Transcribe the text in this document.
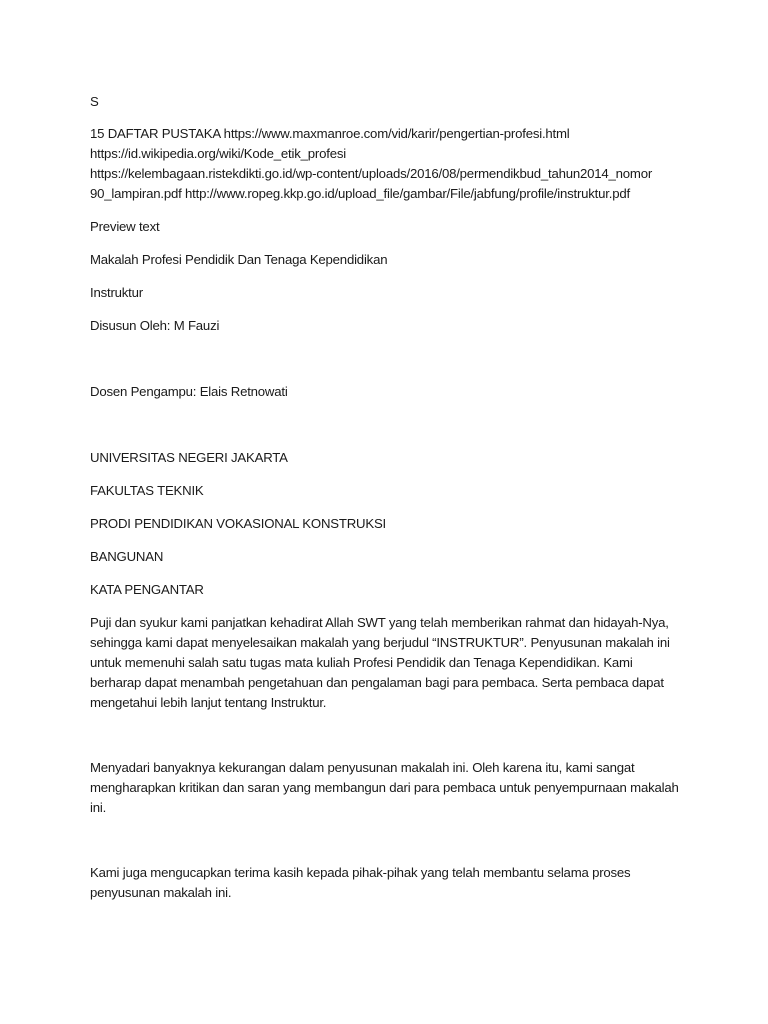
S
15 DAFTAR PUSTAKA https://www.maxmanroe.com/vid/karir/pengertian-profesi.html
https://id.wikipedia.org/wiki/Kode_etik_profesi
https://kelembagaan.ristekdikti.go.id/wp-content/uploads/2016/08/permendikbud_tahun2014_nomor
90_lampiran.pdf http://www.ropeg.kkp.go.id/upload_file/gambar/File/jabfung/profile/instruktur.pdf
Preview text
Makalah Profesi Pendidik Dan Tenaga Kependidikan
Instruktur
Disusun Oleh: M Fauzi
Dosen Pengampu: Elais Retnowati
UNIVERSITAS NEGERI JAKARTA
FAKULTAS TEKNIK
PRODI PENDIDIKAN VOKASIONAL KONSTRUKSI
BANGUNAN
KATA PENGANTAR
Puji dan syukur kami panjatkan kehadirat Allah SWT yang telah memberikan rahmat dan hidayah-Nya,
sehingga kami dapat menyelesaikan makalah yang berjudul “INSTRUKTUR”. Penyusunan makalah ini
untuk memenuhi salah satu tugas mata kuliah Profesi Pendidik dan Tenaga Kependidikan. Kami
berharap dapat menambah pengetahuan dan pengalaman bagi para pembaca. Serta pembaca dapat
mengetahui lebih lanjut tentang Instruktur.
Menyadari banyaknya kekurangan dalam penyusunan makalah ini. Oleh karena itu, kami sangat
mengharapkan kritikan dan saran yang membangun dari para pembaca untuk penyempurnaan makalah
ini.
Kami juga mengucapkan terima kasih kepada pihak-pihak yang telah membantu selama proses
penyusunan makalah ini.
